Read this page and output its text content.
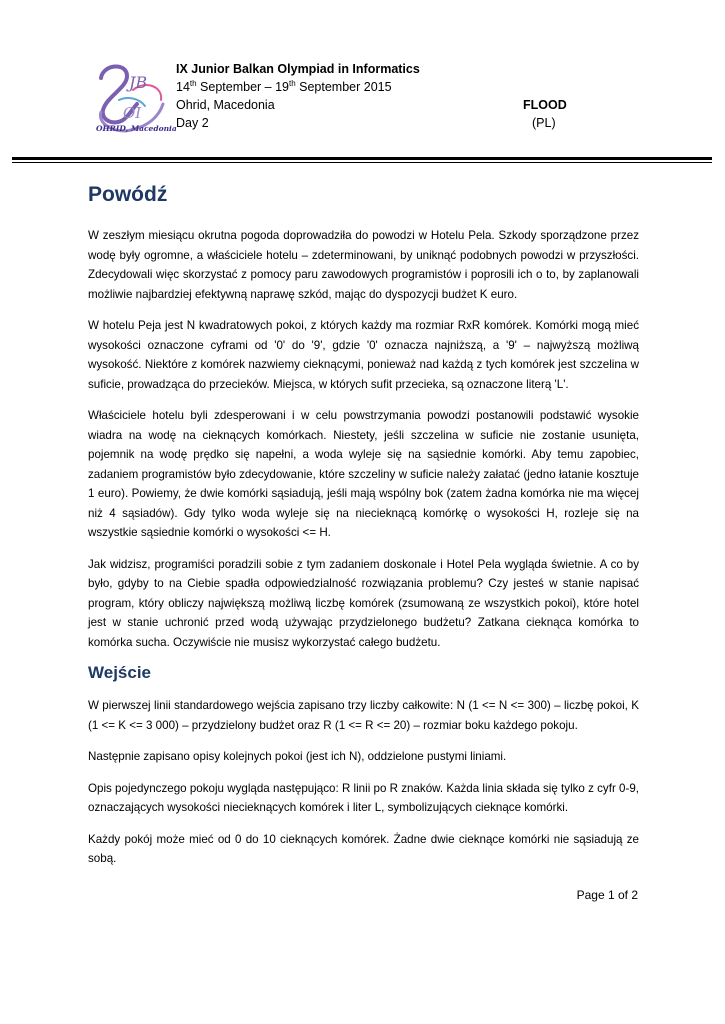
JB
OI
OHRID, Macedonia
IX Junior Balkan Olympiad in Informatics
14th September – 19th September 2015
Ohrid, Macedonia
Day 2
FLOOD
(PL)
Powódź

W zeszłym miesiącu okrutna pogoda doprowadziła do powodzi w Hotelu Pela. Szkody sporządzone przez wodę były ogromne, a właściciele hotelu – zdeterminowani, by uniknąć podobnych powodzi w przyszłości. Zdecydowali więc skorzystać z pomocy paru zawodowych programistów i poprosili ich o to, by zaplanowali możliwie najbardziej efektywną naprawę szkód, mając do dyspozycji budżet K euro.

W hotelu Peja jest N kwadratowych pokoi, z których każdy ma rozmiar RxR komórek. Komórki mogą mieć wysokości oznaczone cyframi od '0' do '9', gdzie '0' oznacza najniższą, a '9' – najwyższą możliwą wysokość. Niektóre z komórek nazwiemy cieknącymi, ponieważ nad każdą z tych komórek jest szczelina w suficie, prowadząca do przecieków. Miejsca, w których sufit przecieka, są oznaczone literą 'L'.

Właściciele hotelu byli zdesperowani i w celu powstrzymania powodzi postanowili podstawić wysokie wiadra na wodę na cieknących komórkach. Niestety, jeśli szczelina w suficie nie zostanie usunięta, pojemnik na wodę prędko się napełni, a woda wyleje się na sąsiednie komórki. Aby temu zapobiec, zadaniem programistów było zdecydowanie, które szczeliny w suficie należy załatać (jedno łatanie kosztuje 1 euro). Powiemy, że dwie komórki sąsiadują, jeśli mają wspólny bok (zatem żadna komórka nie ma więcej niż 4 sąsiadów). Gdy tylko woda wyleje się na niecieknącą komórkę o wysokości H, rozleje się na wszystkie sąsiednie komórki o wysokości <= H.

Jak widzisz, programiści poradzili sobie z tym zadaniem doskonale i Hotel Pela wygląda świetnie. A co by było, gdyby to na Ciebie spadła odpowiedzialność rozwiązania problemu? Czy jesteś w stanie napisać program, który obliczy największą możliwą liczbę komórek (zsumowaną ze wszystkich pokoi), które hotel jest w stanie uchronić przed wodą używając przydzielonego budżetu? Zatkana cieknąca komórka to komórka sucha. Oczywiście nie musisz wykorzystać całego budżetu.

Wejście

W pierwszej linii standardowego wejścia zapisano trzy liczby całkowite: N (1 <= N <= 300) – liczbę pokoi, K (1 <= K <= 3 000) – przydzielony budżet oraz R (1 <= R <= 20) – rozmiar boku każdego pokoju.

Następnie zapisano opisy kolejnych pokoi (jest ich N), oddzielone pustymi liniami.

Opis pojedynczego pokoju wygląda następująco: R linii po R znaków. Każda linia składa się tylko z cyfr 0-9, oznaczających wysokości niecieknących komórek i liter L, symbolizujących cieknące komórki.

Każdy pokój może mieć od 0 do 10 cieknących komórek. Żadne dwie cieknące komórki nie sąsiadują ze sobą.

Page 1 of 2
